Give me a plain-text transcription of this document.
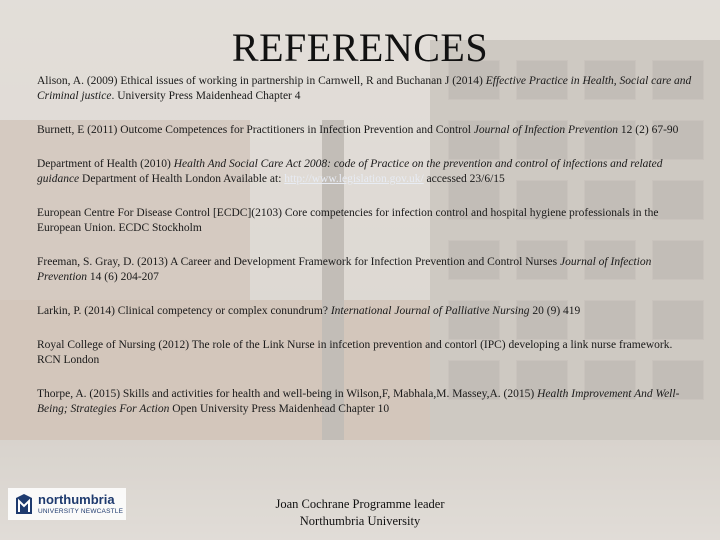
REFERENCES

Alison, A. (2009) Ethical issues of working in partnership in Carnwell, R and Buchanan J (2014) Effective Practice in Health, Social care and Criminal justice. University Press Maidenhead Chapter 4

Burnett, E (2011) Outcome Competences for Practitioners in Infection Prevention and Control Journal of Infection Prevention 12 (2) 67-90

Department of Health (2010) Health And Social Care Act 2008: code of Practice on the prevention and control of infections and related guidance Department of Health London Available at: http://www.legislation.gov.uk/ accessed 23/6/15

European Centre For Disease Control [ECDC](2103) Core competencies for infection control and hospital hygiene professionals in the European Union. ECDC Stockholm

Freeman, S. Gray, D. (2013) A Career and Development Framework for Infection Prevention and Control Nurses Journal of Infection Prevention 14 (6) 204-207

Larkin, P. (2014) Clinical competency or complex conundrum? International Journal of Palliative Nursing 20 (9) 419

Royal College of Nursing (2012) The role of the Link Nurse in infcetion prevention and contorl (IPC) developing a link nurse framework. RCN London

Thorpe, A. (2015) Skills and activities for health and well-being in Wilson,F, Mabhala,M. Massey,A. (2015) Health Improvement And Well-Being; Strategies For Action Open University Press Maidenhead Chapter 10

northumbria
UNIVERSITY NEWCASTLE
Joan Cochrane Programme leader
Northumbria University
